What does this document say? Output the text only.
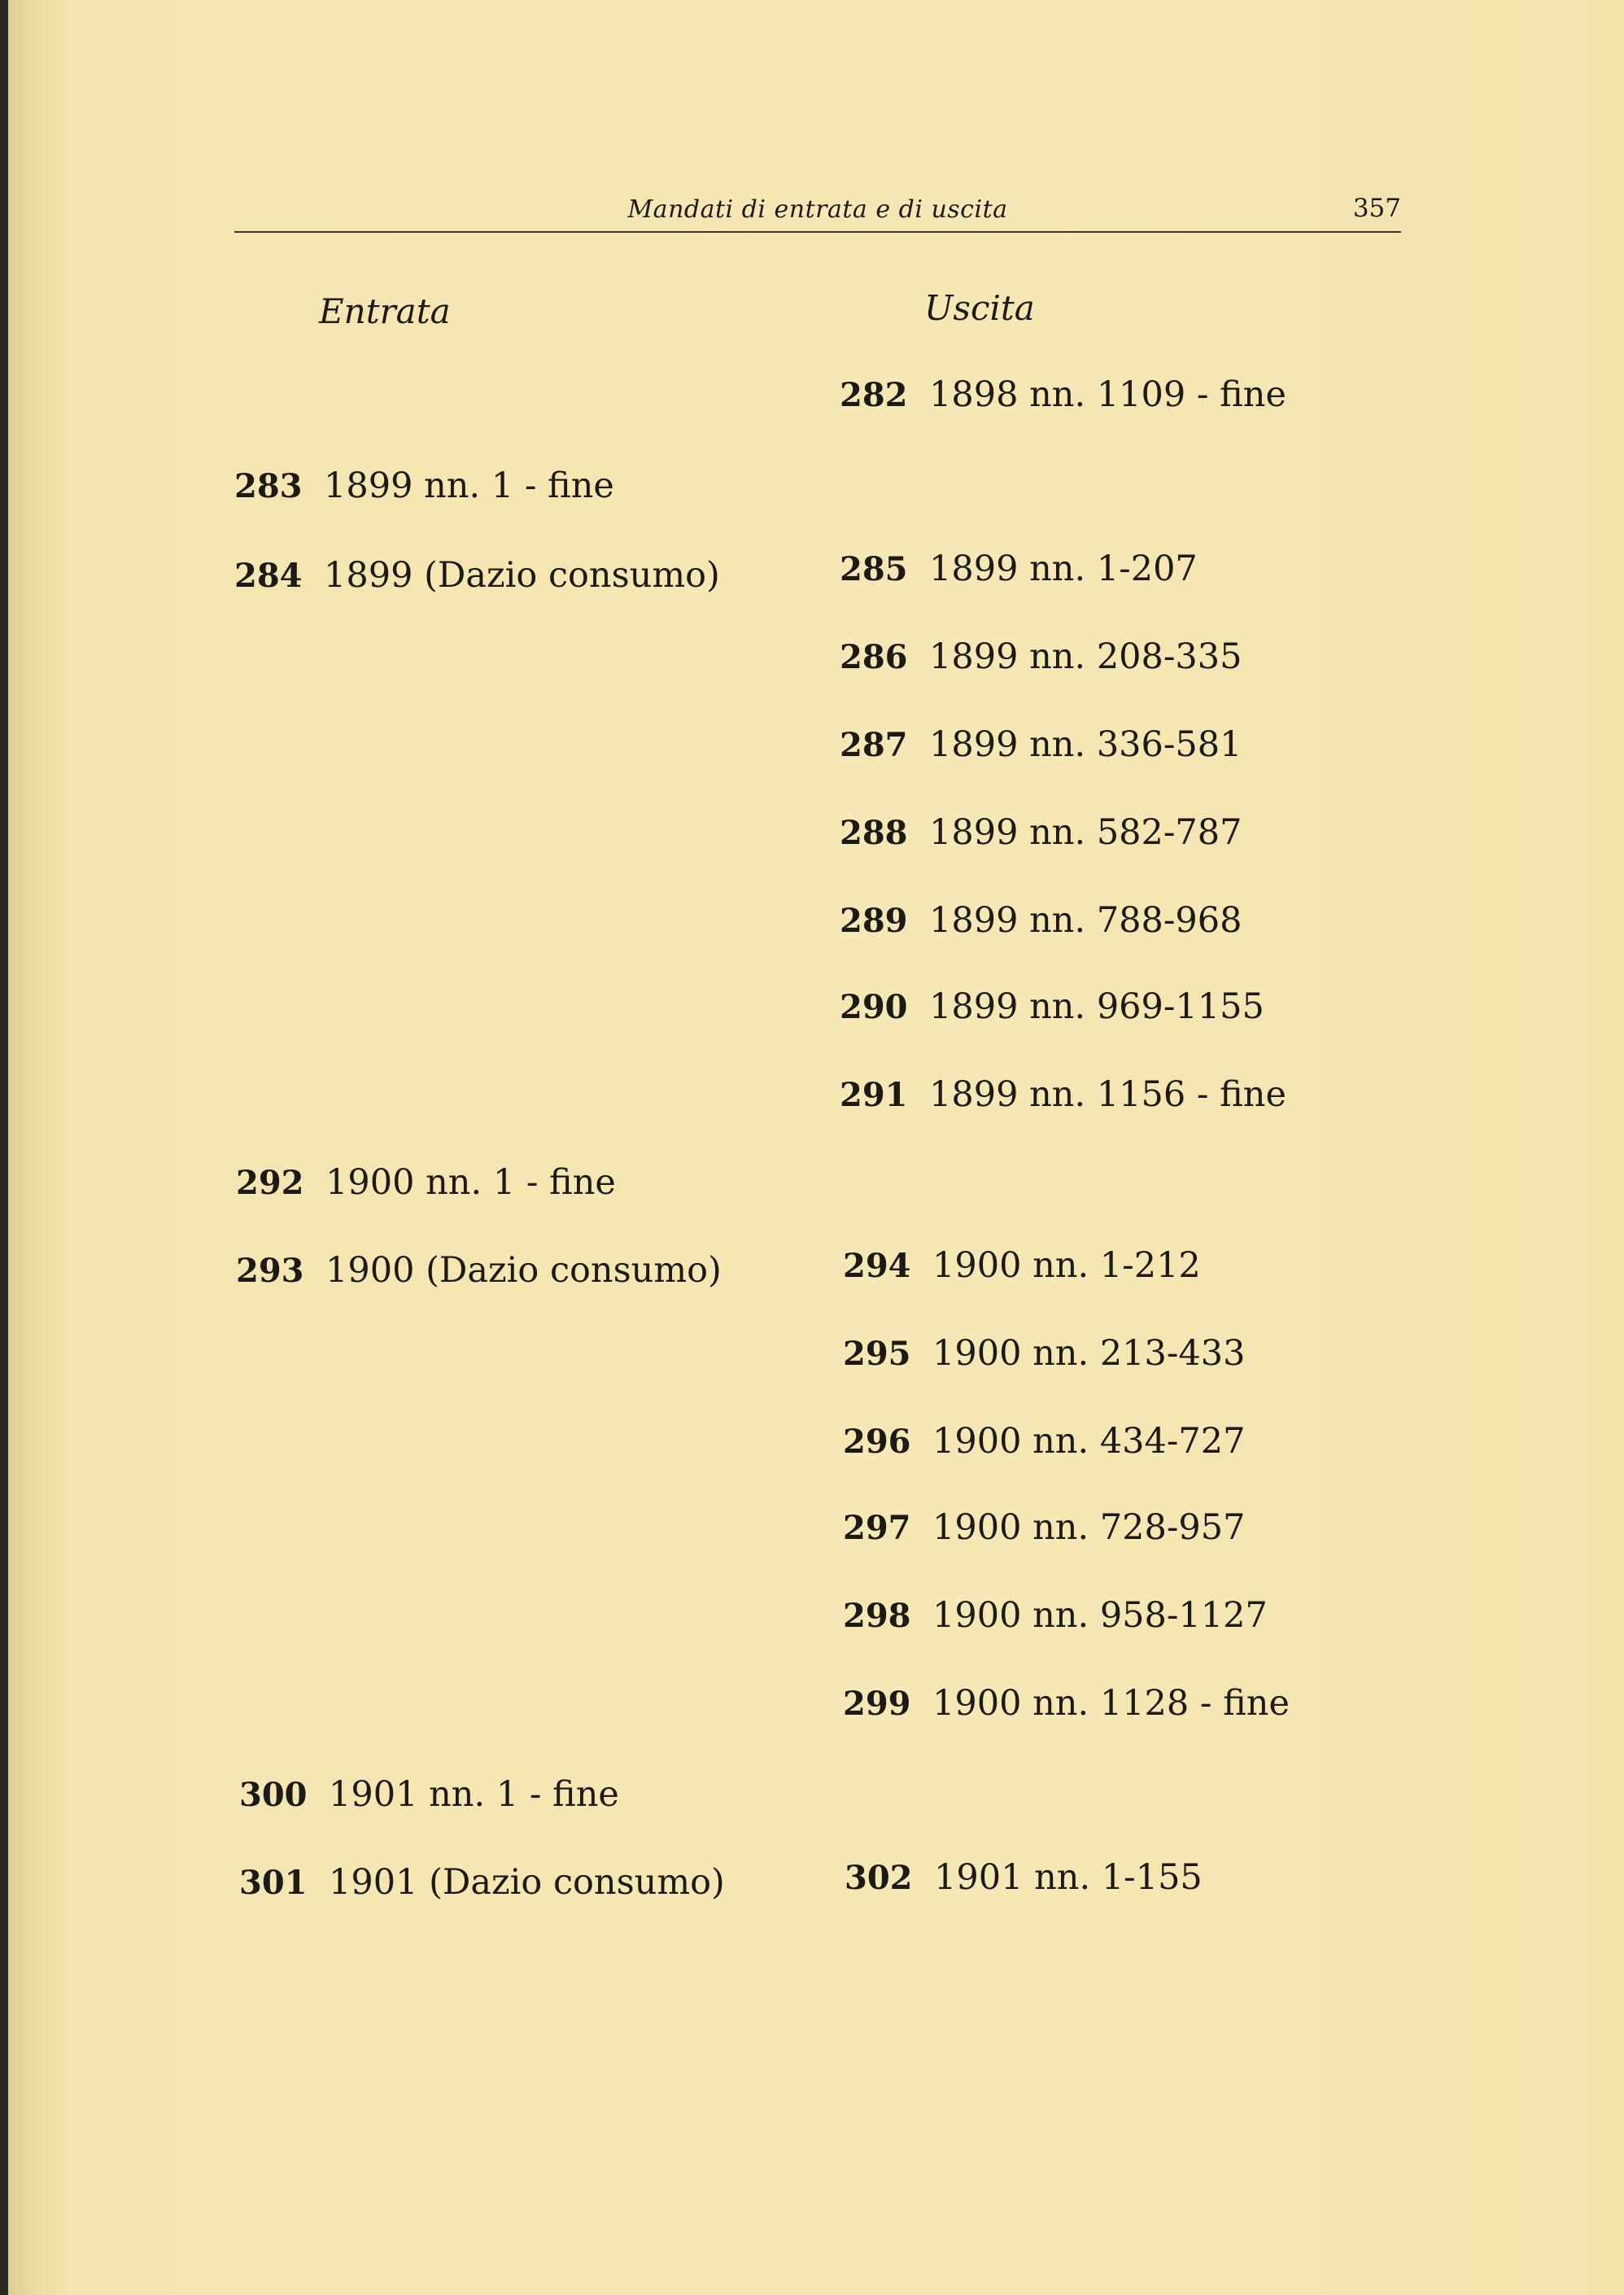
Mandati di entrata e di uscita	357
Entrata	Uscita
283 1899 nn. 1 - fine
284 1899 (Dazio consumo)
292 1900 nn. 1 - fine
293 1900 (Dazio consumo)
300 1901 nn. 1 - fine
301 1901 (Dazio consumo)
282 1898 nn. 1109 - fine
285 1899 nn. 1-207
286 1899 nn. 208-335
287 1899 nn. 336-581
288 1899 nn. 582-787
289 1899 nn. 788-968
290 1899 nn. 969-1155
291 1899 nn. 1156 - fine
294 1900 nn. 1-212
295 1900 nn. 213-433
296 1900 nn. 434-727
297 1900 nn. 728-957
298 1900 nn. 958-1127
299 1900 nn. 1128 - fine
302 1901 nn. 1-155
